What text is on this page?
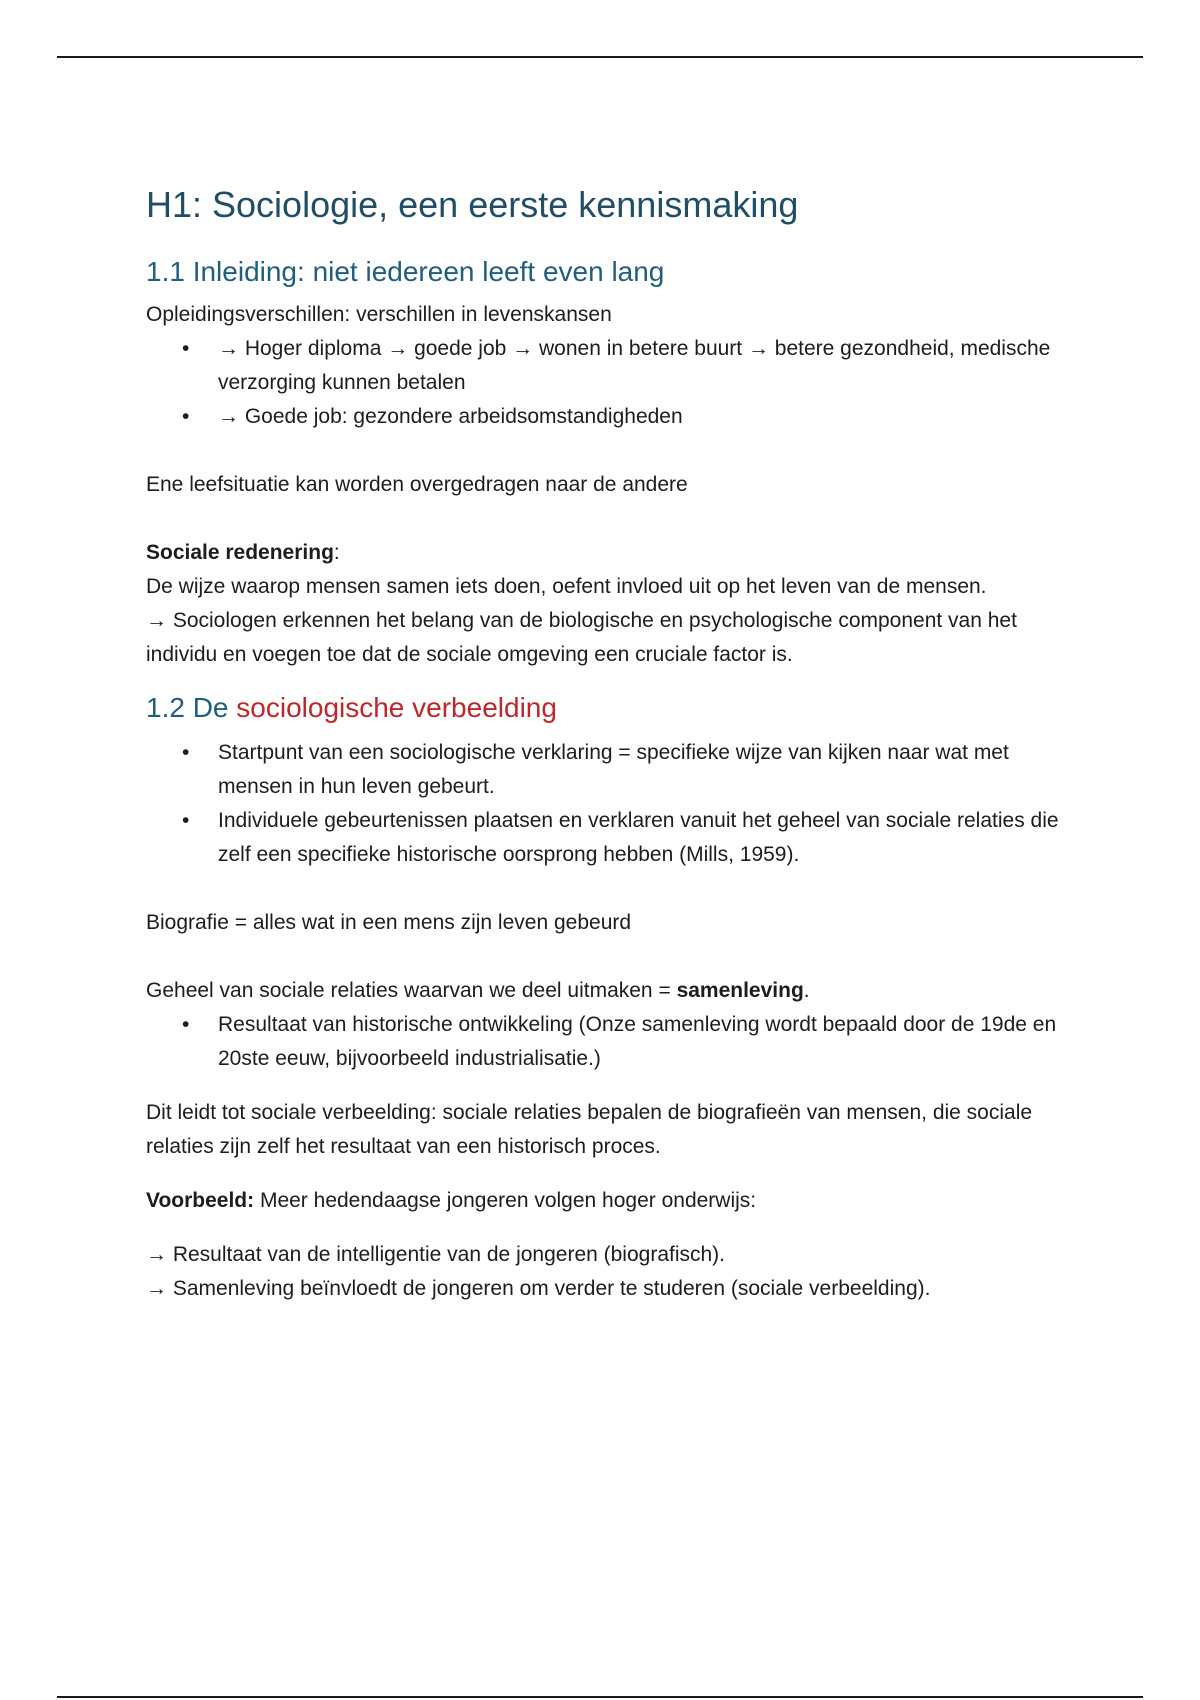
H1: Sociologie, een eerste kennismaking
1.1 Inleiding: niet iedereen leeft even lang

Opleidingsverschillen: verschillen in levenskansen

•	→ Hoger diploma → goede job → wonen in betere buurt → betere gezondheid, medische verzorging kunnen betalen
•	→ Goede job: gezondere arbeidsomstandigheden

Ene leefsituatie kan worden overgedragen naar de andere

Sociale redenering:

De wijze waarop mensen samen iets doen, oefent invloed uit op het leven van de mensen.

→ Sociologen erkennen het belang van de biologische en psychologische component van het individu en voegen toe dat de sociale omgeving een cruciale factor is.

1.2 De sociologische verbeelding
•	Startpunt van een sociologische verklaring = specifieke wijze van kijken naar wat met mensen in hun leven gebeurt.
•	Individuele gebeurtenissen plaatsen en verklaren vanuit het geheel van sociale relaties die zelf een specifieke historische oorsprong hebben (Mills, 1959).

Biografie = alles wat in een mens zijn leven gebeurd

Geheel van sociale relaties waarvan we deel uitmaken = samenleving.

•	Resultaat van historische ontwikkeling (Onze samenleving wordt bepaald door de 19de en 20ste eeuw, bijvoorbeeld industrialisatie.)

Dit leidt tot sociale verbeelding: sociale relaties bepalen de biografieën van mensen, die sociale relaties zijn zelf het resultaat van een historisch proces.

Voorbeeld: Meer hedendaagse jongeren volgen hoger onderwijs:

→ Resultaat van de intelligentie van de jongeren (biografisch).

→ Samenleving beïnvloedt de jongeren om verder te studeren (sociale verbeelding).
